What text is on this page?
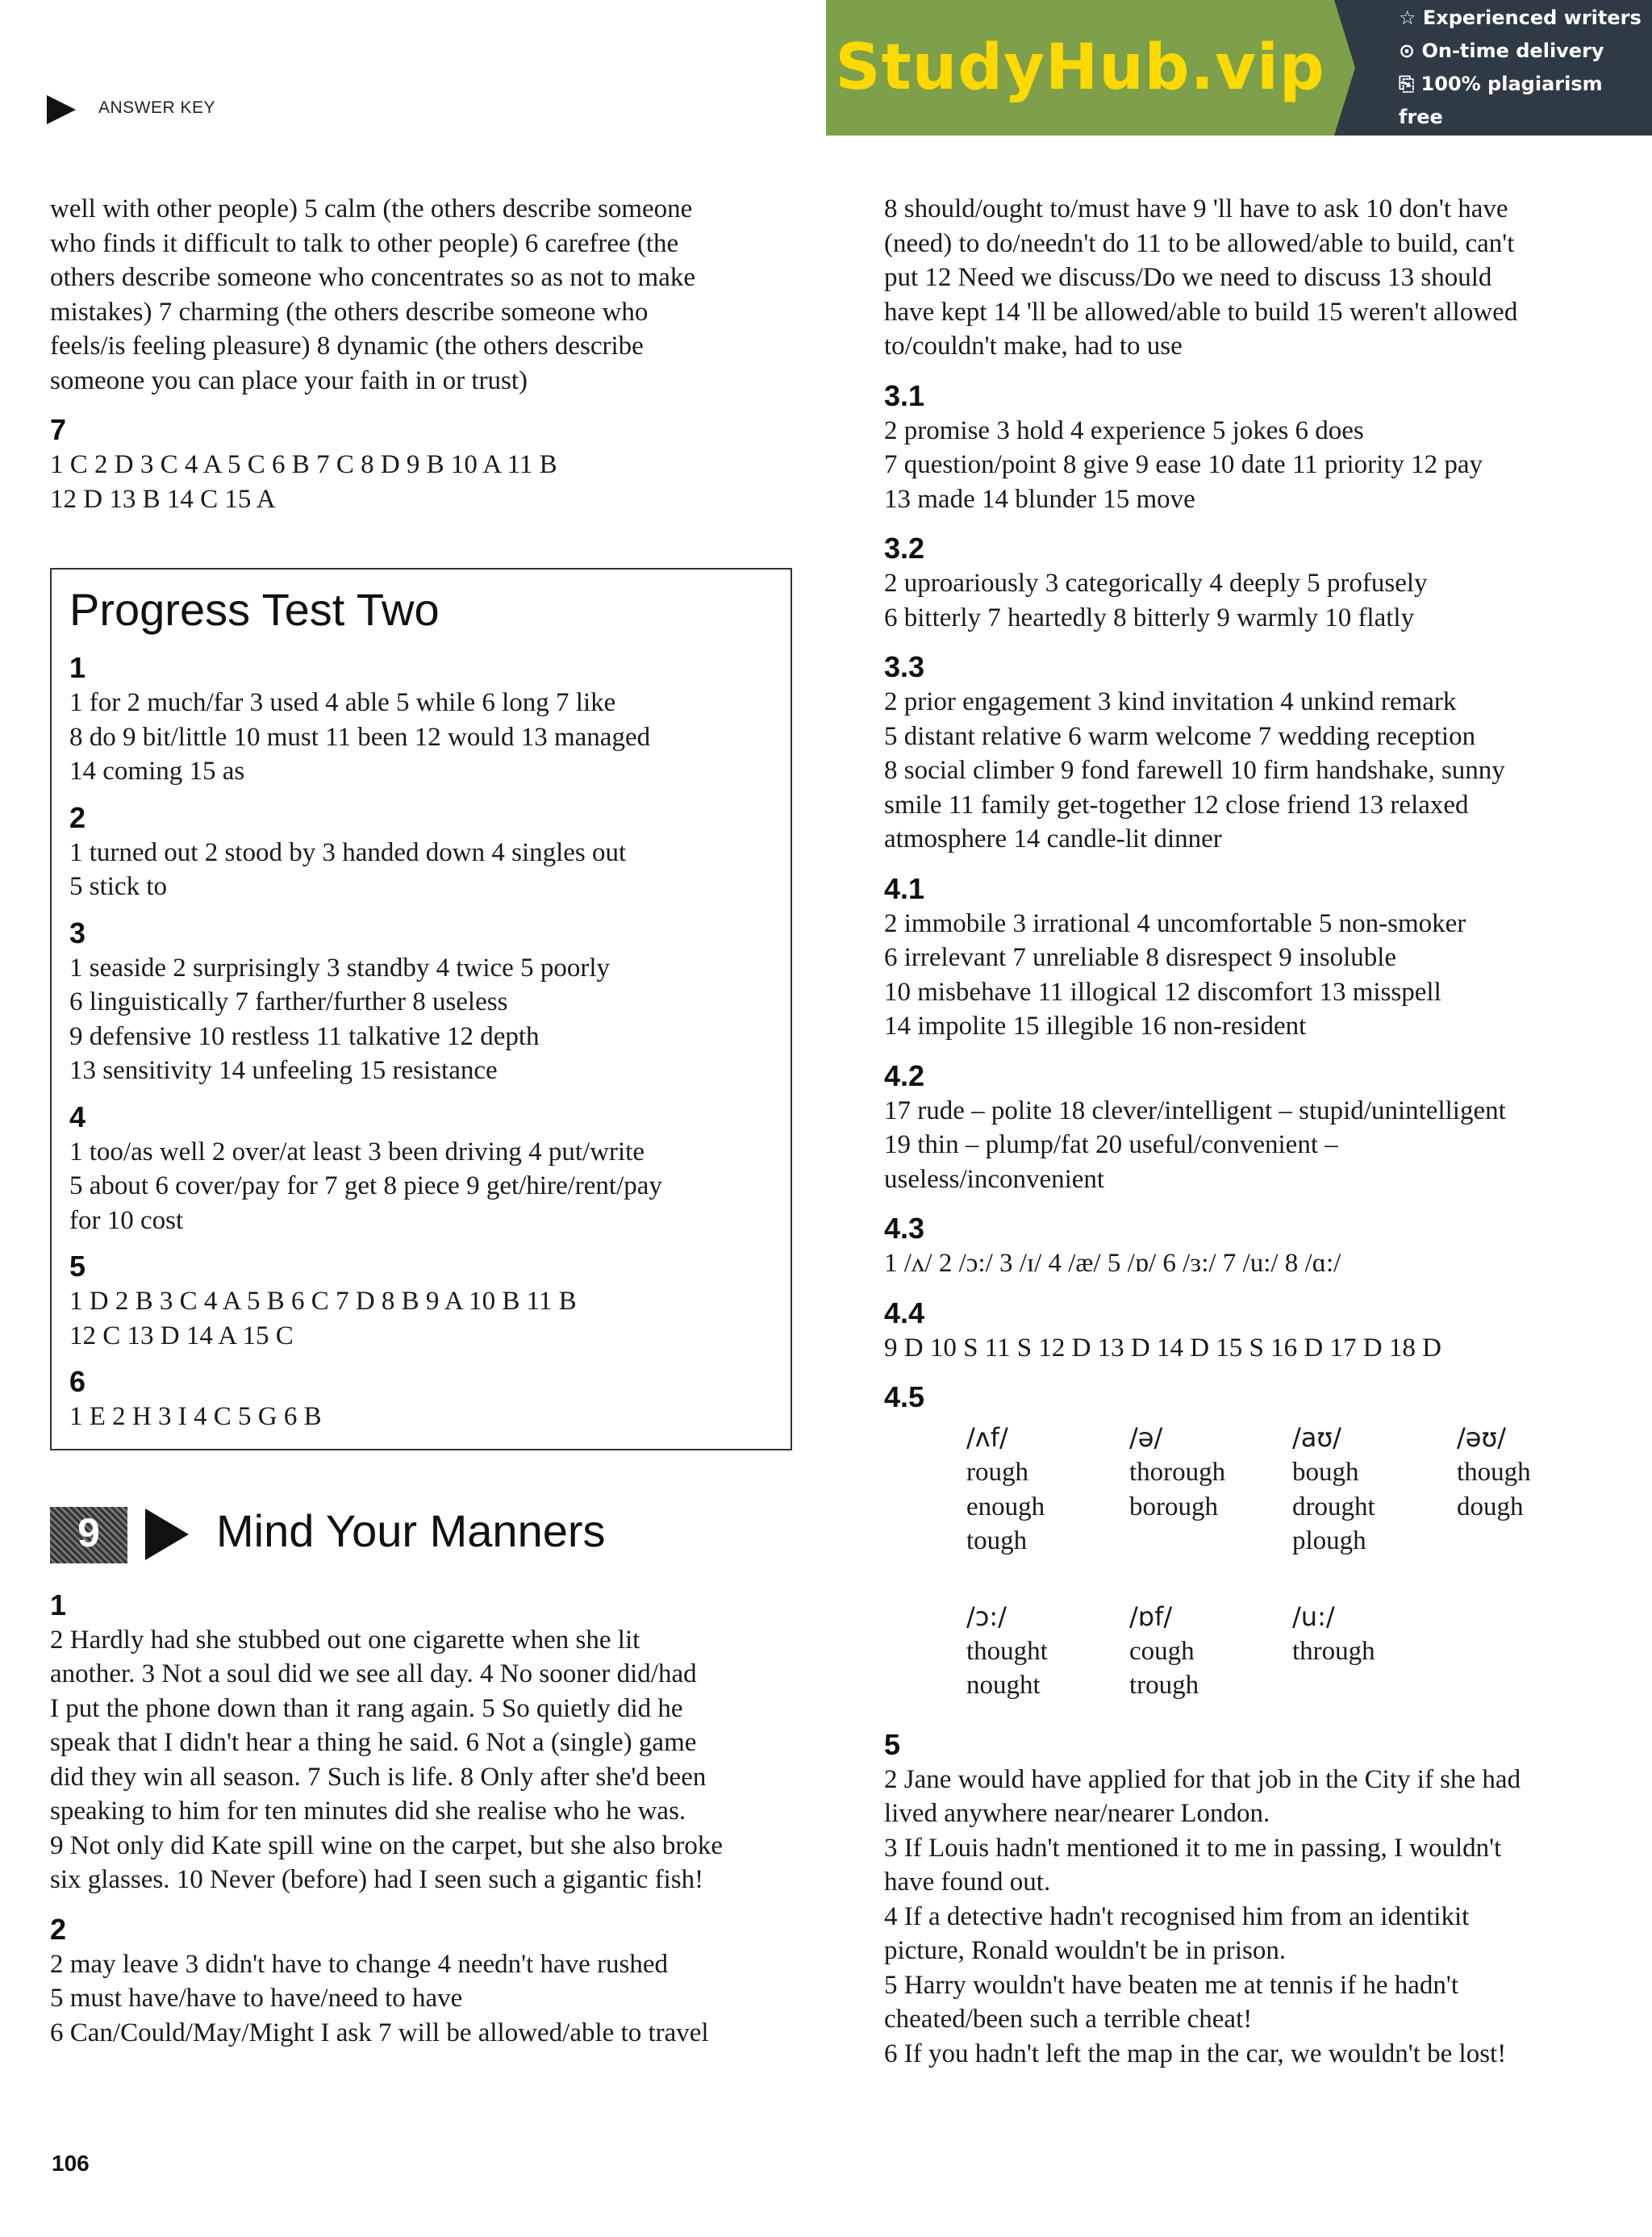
ANSWER KEY
StudyHub.vip
☆ Experienced writers
⊙ On-time delivery
⎘ 100% plagiarism free
well with other people) 5 calm (the others describe someone
who finds it difficult to talk to other people) 6 carefree (the
others describe someone who concentrates so as not to make
mistakes) 7 charming (the others describe someone who
feels/is feeling pleasure) 8 dynamic (the others describe
someone you can place your faith in or trust)
7
1 C 2 D 3 C 4 A 5 C 6 B 7 C 8 D 9 B 10 A 11 B
12 D 13 B 14 C 15 A
Progress Test Two
1
1 for 2 much/far 3 used 4 able 5 while 6 long 7 like
8 do 9 bit/little 10 must 11 been 12 would 13 managed
14 coming 15 as
2
1 turned out 2 stood by 3 handed down 4 singles out
5 stick to
3
1 seaside 2 surprisingly 3 standby 4 twice 5 poorly
6 linguistically 7 farther/further 8 useless
9 defensive 10 restless 11 talkative 12 depth
13 sensitivity 14 unfeeling 15 resistance
4
1 too/as well 2 over/at least 3 been driving 4 put/write
5 about 6 cover/pay for 7 get 8 piece 9 get/hire/rent/pay
for 10 cost
5
1 D 2 B 3 C 4 A 5 B 6 C 7 D 8 B 9 A 10 B 11 B
12 C 13 D 14 A 15 C
6
1 E 2 H 3 I 4 C 5 G 6 B
9	Mind Your Manners
1
2 Hardly had she stubbed out one cigarette when she lit
another. 3 Not a soul did we see all day. 4 No sooner did/had
I put the phone down than it rang again. 5 So quietly did he
speak that I didn't hear a thing he said. 6 Not a (single) game
did they win all season. 7 Such is life. 8 Only after she'd been
speaking to him for ten minutes did she realise who he was.
9 Not only did Kate spill wine on the carpet, but she also broke
six glasses. 10 Never (before) had I seen such a gigantic fish!
2
2 may leave 3 didn't have to change 4 needn't have rushed
5 must have/have to have/need to have
6 Can/Could/May/Might I ask 7 will be allowed/able to travel
8 should/ought to/must have 9 'll have to ask 10 don't have
(need) to do/needn't do 11 to be allowed/able to build, can't
put 12 Need we discuss/Do we need to discuss 13 should
have kept 14 'll be allowed/able to build 15 weren't allowed
to/couldn't make, had to use
3.1
2 promise 3 hold 4 experience 5 jokes 6 does
7 question/point 8 give 9 ease 10 date 11 priority 12 pay
13 made 14 blunder 15 move
3.2
2 uproariously 3 categorically 4 deeply 5 profusely
6 bitterly 7 heartedly 8 bitterly 9 warmly 10 flatly
3.3
2 prior engagement 3 kind invitation 4 unkind remark
5 distant relative 6 warm welcome 7 wedding reception
8 social climber 9 fond farewell 10 firm handshake, sunny
smile 11 family get-together 12 close friend 13 relaxed
atmosphere 14 candle-lit dinner
4.1
2 immobile 3 irrational 4 uncomfortable 5 non-smoker
6 irrelevant 7 unreliable 8 disrespect 9 insoluble
10 misbehave 11 illogical 12 discomfort 13 misspell
14 impolite 15 illegible 16 non-resident
4.2
17 rude – polite 18 clever/intelligent – stupid/unintelligent
19 thin – plump/fat 20 useful/convenient –
useless/inconvenient
4.3
1 /ʌ/ 2 /ɔ:/ 3 /ɪ/ 4 /æ/ 5 /ɒ/ 6 /ɜ:/ 7 /u:/ 8 /ɑ:/
4.4
9 D 10 S 11 S 12 D 13 D 14 D 15 S 16 D 17 D 18 D
4.5
/ʌf/
rough
enough
tough
/ə/
thorough
borough
/aʊ/
bough
drought
plough
/əʊ/
though
dough
/ɔ:/
thought
nought
/ɒf/
cough
trough
/u:/
through
5
2 Jane would have applied for that job in the City if she had
lived anywhere near/nearer London.
3 If Louis hadn't mentioned it to me in passing, I wouldn't
have found out.
4 If a detective hadn't recognised him from an identikit
picture, Ronald wouldn't be in prison.
5 Harry wouldn't have beaten me at tennis if he hadn't
cheated/been such a terrible cheat!
6 If you hadn't left the map in the car, we wouldn't be lost!
106
